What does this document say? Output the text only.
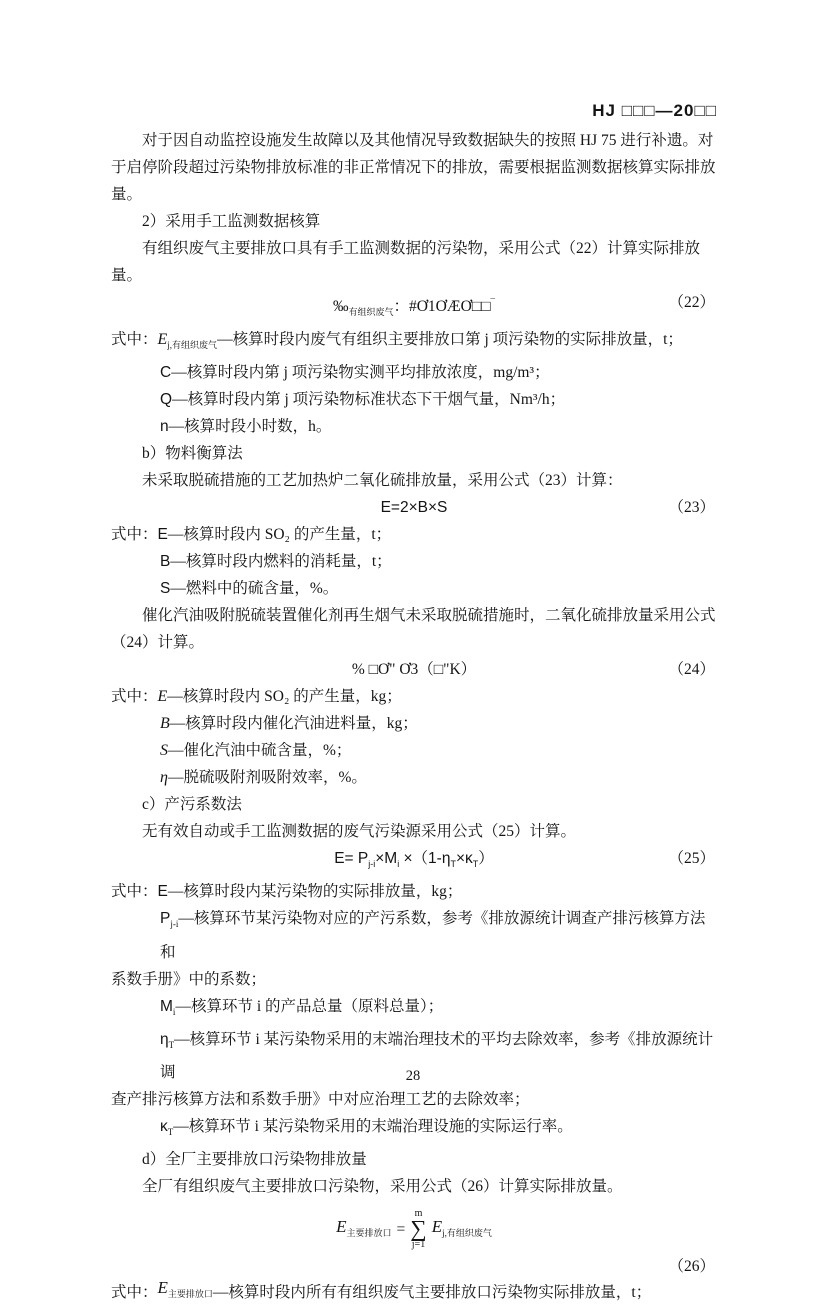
HJ □□□—20□□
对于因自动监控设施发生故障以及其他情况导致数据缺失的按照 HJ 75 进行补遗。对
于启停阶段超过污染物排放标准的非正常情况下的排放，需要根据监测数据核算实际排放量。
2）采用手工监测数据核算
有组织废气主要排放口具有手工监测数据的污染物，采用公式（22）计算实际排放量。
$‰_{有组织废气}$：#Ơ1ƠÆƠ□□¯	（22）
式中：$E_{j,有组织废气}—$核算时段内废气有组织主要排放口第 j 项污染物的实际排放量，t；
C—核算时段内第 j 项污染物实测平均排放浓度，mg/m³；
Q—核算时段内第 j 项污染物标准状态下干烟气量，Nm³/h；
n—核算时段小时数，h。
b）物料衡算法
未采取脱硫措施的工艺加热炉二氧化硫排放量，采用公式（23）计算：
E=2×B×S	（23）
式中：E—核算时段内 SO₂ 的产生量，t；
B—核算时段内燃料的消耗量，t；
S—燃料中的硫含量，%。
催化汽油吸附脱硫装置催化剂再生烟气未采取脱硫措施时，二氧化硫排放量采用公式
（24）计算。
% □Ơ" Ơ3（□"K）	（24）
式中：E—核算时段内 SO₂ 的产生量，kg；
B—核算时段内催化汽油进料量，kg；
S—催化汽油中硫含量，%；
η—脱硫吸附剂吸附效率，%。
c）产污系数法
无有效自动或手工监测数据的废气污染源采用公式（25）计算。
$E= P_{j-i}\times M_i \times(1-\eta_T\times\kappa_T)$	（25）
式中：E—核算时段内某污染物的实际排放量，kg；
$P_{j-i}—$核算环节某污染物对应的产污系数，参考《排放源统计调查产排污核算方法和
系数手册》中的系数；
$M_i—$核算环节 i 的产品总量（原料总量）；
$\eta_T—$核算环节 i 某污染物采用的末端治理技术的平均去除效率，参考《排放源统计调
查产排污核算方法和系数手册》中对应治理工艺的去除效率；
$\kappa_T—$核算环节 i 某污染物采用的末端治理设施的实际运行率。
d）全厂主要排放口污染物排放量
全厂有组织废气主要排放口污染物，采用公式（26）计算实际排放量。
$E_{主要排放口}$ =
m
∑
j=1
$E_{j,有组织废气}$
（26）
式中：$E_{主要排放口}—$核算时段内所有有组织废气主要排放口污染物实际排放量，t；
28
